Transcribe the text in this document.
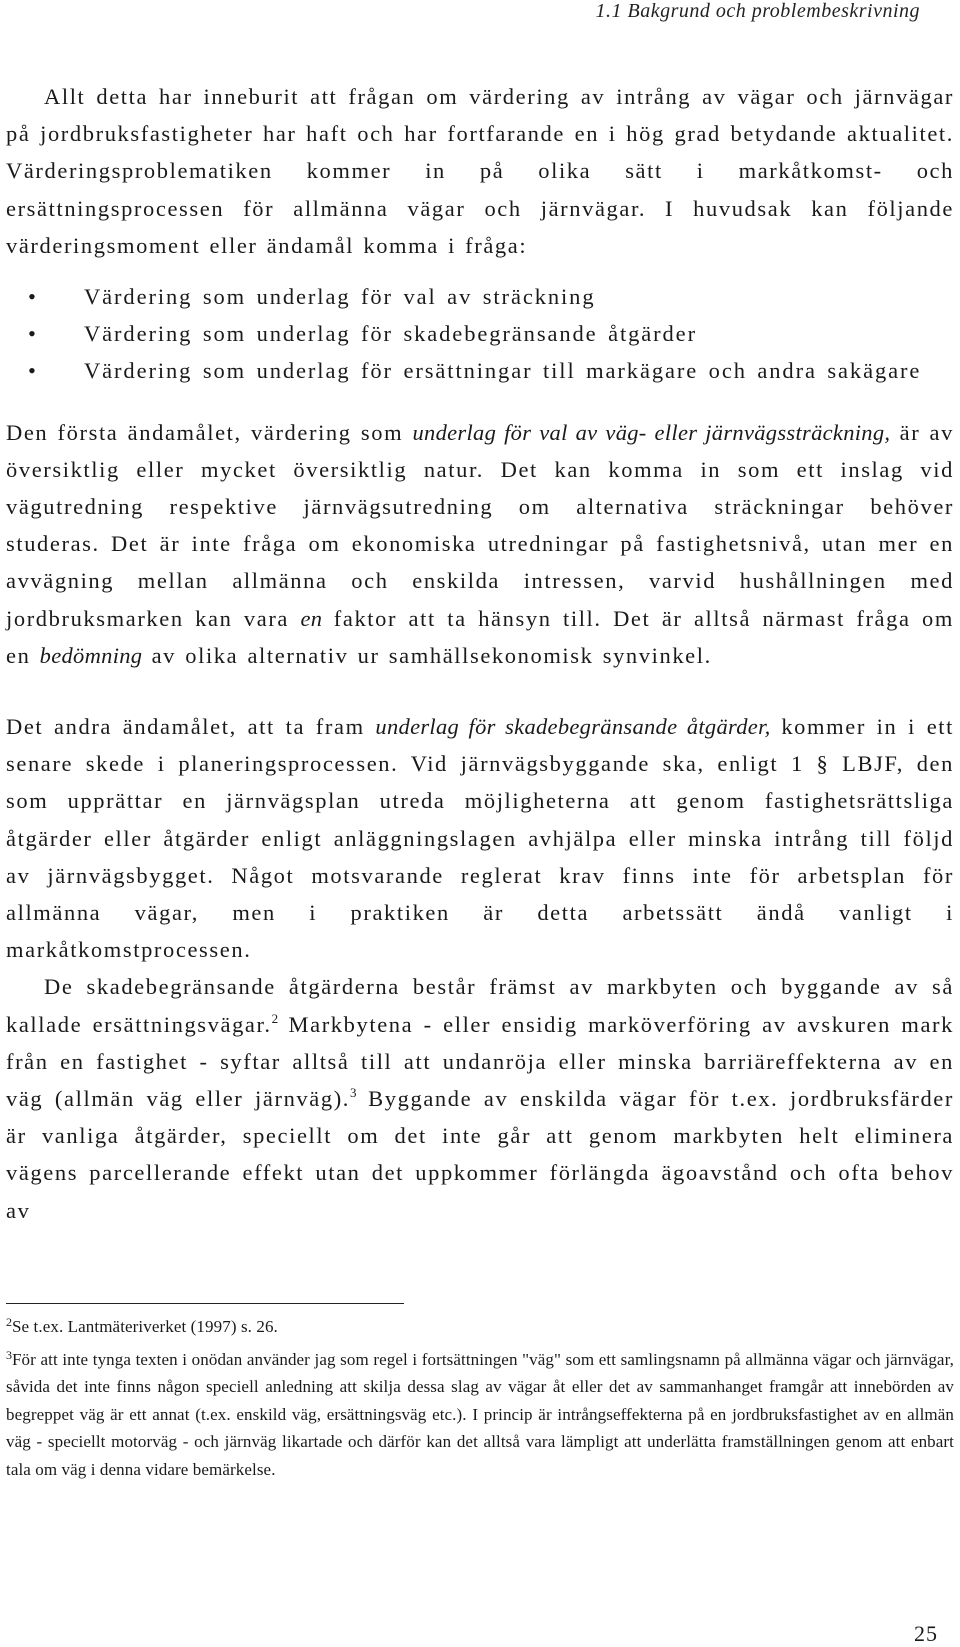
1.1 Bakgrund och problembeskrivning

Allt detta har inneburit att frågan om värdering av intrång av vägar och järnvägar på jordbruksfastigheter har haft och har fortfarande en i hög grad betydande aktualitet. Värderingsproblematiken kommer in på olika sätt i markåtkomst- och ersättningsprocessen för allmänna vägar och järnvägar. I huvudsak kan följande värderingsmoment eller ändamål komma i fråga:

• Värdering som underlag för val av sträckning
• Värdering som underlag för skadebegränsande åtgärder
• Värdering som underlag för ersättningar till markägare och andra sakägare

Den första ändamålet, värdering som underlag för val av väg- eller järnvägssträckning, är av översiktlig eller mycket översiktlig natur. Det kan komma in som ett inslag vid vägutredning respektive järnvägsutredning om alternativa sträckningar behöver studeras. Det är inte fråga om ekonomiska utredningar på fastighetsnivå, utan mer en avvägning mellan allmänna och enskilda intressen, varvid hushållningen med jordbruksmarken kan vara en faktor att ta hänsyn till. Det är alltså närmast fråga om en bedömning av olika alternativ ur samhällsekonomisk synvinkel.

Det andra ändamålet, att ta fram underlag för skadebegränsande åtgärder, kommer in i ett senare skede i planeringsprocessen. Vid järnvägsbyggande ska, enligt 1 § LBJF, den som upprättar en järnvägsplan utreda möjligheterna att genom fastighetsrättsliga åtgärder eller åtgärder enligt anläggningslagen avhjälpa eller minska intrång till följd av järnvägsbygget. Något motsvarande reglerat krav finns inte för arbetsplan för allmänna vägar, men i praktiken är detta arbetssätt ändå vanligt i markåtkomstprocessen.

De skadebegränsande åtgärderna består främst av markbyten och byggande av så kallade ersättningsvägar.$^2$ Markbytena - eller ensidig marköverföring av avskuren mark från en fastighet - syftar alltså till att undanröja eller minska barriäreffekterna av en väg (allmän väg eller järnväg).$^3$ Byggande av enskilda vägar för t.ex. jordbruksfärder är vanliga åtgärder, speciellt om det inte går att genom markbyten helt eliminera vägens parcellerande effekt utan det uppkommer förlängda ägoavstånd och ofta behov av

$^2$Se t.ex. Lantmäteriverket (1997) s. 26.

$^3$För att inte tynga texten i onödan använder jag som regel i fortsättningen "väg" som ett samlingsnamn på allmänna vägar och järnvägar, såvida det inte finns någon speciell anledning att skilja dessa slag av vägar åt eller det av sammanhanget framgår att innebörden av begreppet väg är ett annat (t.ex. enskild väg, ersättningsväg etc.). I princip är intrångseffekterna på en jordbruksfastighet av en allmän väg - speciellt motorväg - och järnväg likartade och därför kan det alltså vara lämpligt att underlätta framställningen genom att enbart tala om väg i denna vidare bemärkelse.

25
